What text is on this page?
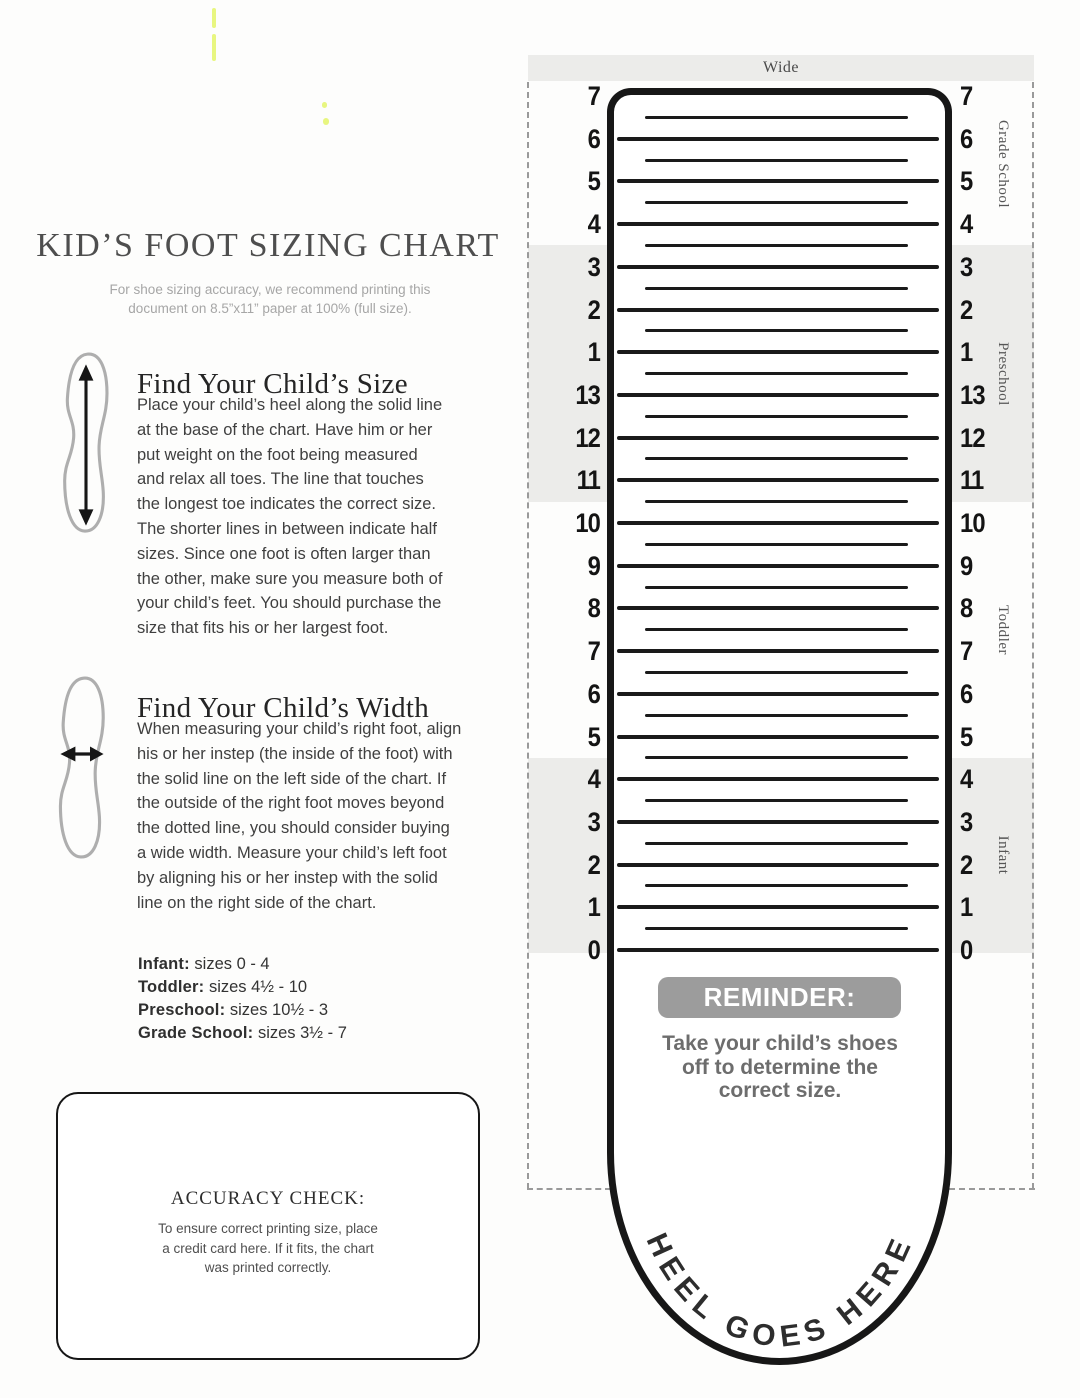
KID’S FOOT SIZING CHART

For shoe sizing accuracy, we recommend printing this
document on 8.5”x11” paper at 100% (full size).

Find Your Child’s Size
Place your child’s heel along the solid line
at the base of the chart. Have him or her
put weight on the foot being measured
and relax all toes. The line that touches
the longest toe indicates the correct size.
The shorter lines in between indicate half
sizes. Since one foot is often larger than
the other, make sure you measure both of
your child’s feet. You should purchase the
size that fits his or her largest foot.
Find Your Child’s Width
When measuring your child’s right foot, align
his or her instep (the inside of the foot) with
the solid line on the left side of the chart. If
the outside of the right foot moves beyond
the dotted line, you should consider buying
a wide width. Measure your child’s left foot
by aligning his or her instep with the solid
line on the right side of the chart.
Infant: sizes 0 - 4
Toddler: sizes 4½ - 10
Preschool: sizes 10½ - 3
Grade School: sizes 3½ - 7
ACCURACY CHECK:
To ensure correct printing size, place
a credit card here. If it fits, the chart
was printed correctly.
Wide
7	7
6	6
5	5
4	4
3	3
2	2
1	1
13	13
12	12
11	11
10	10
9	9
8	8
7	7
6	6
5	5
4	4
3	3
2	2
1	1
0	0
Grade School
Preschool
Toddler
Infant
REMINDER:
Take your child’s shoes
off to determine the
correct size.
HEEL GOES HERE
